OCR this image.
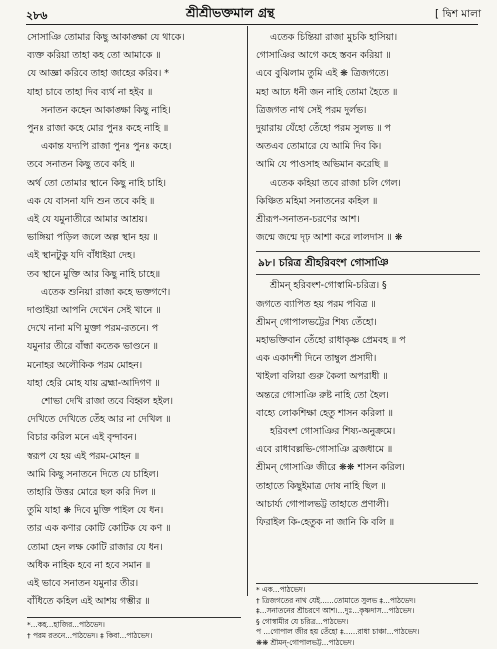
২৮৬	শ্রীশ্রীভক্তমাল গ্রন্থ	[ দ্বিশ মালা
সোসাঞি তোমার কিছু আকাঙ্ক্ষা যে থাকে।
ব্যক্ত করিয়া তাহা কহ তো আমাকে ॥
যে আজ্ঞা করিবে তাহা জাহের করিব। *
যাহা চাবে তাহা দিব ব্যর্থ না হইব ॥
সনাতন কহেন আকাঙ্ক্ষা কিছু নাহি।
পুনঃ রাজা কহে মোর পুনঃ কহে নাহি ॥
একান্ত যদ্যপি রাজা পুনঃ পুনঃ কহে।
তবে সনাতন কিছু তবে কহি ॥
অর্থ তো তোমার স্থানে কিছু নাহি চাহি।
এক যে বাসনা যদি শুন তবে কহি ॥
এই যে যমুনাতীরে আমার আশ্রয়।
ভাঙ্গিয়া পড়িল জলে অল্প স্থান হয় ॥
এই স্থানটুকু যদি বাঁধাইয়া দেহ।
তব স্থানে মুক্তি আর কিছু নাহি চাহে॥
এতেক শুনিয়া রাজা কহে ভক্তগণে।
দাণ্ডাইয়া আপনি দেখেন সেই খানে ॥
দেখে নানা মণি মুক্তা পরম-রতনে। প
যমুনার তীরে বাঁন্ধা কতেক ভাণ্ডনে ॥
মনোহর অলৌকিক পরম মোহন।
যাহা হেরি মোহ যায় ব্রহ্মা-আদিগণ ॥
শোভা দেখি রাজা তবে বিহ্বল হইল।
দেখিতে দেখিতে তেঁহ আর না দেখিল ॥
বিচার করিল মনে এই বৃন্দাবন।
স্বরূপ যে হয় এই পরম-মোহন ॥
আমি কিছু সনাতনে দিতে যে চাহিল।
তাহারি উত্তর মোরে ছল করি দিল ॥
তুমি যাহা ❋ দিবে মুক্তি পাইল যে ধন।
তার এক কণার কোটি কোটিক যে কণ ॥
তোমা হেন লক্ষ কোটি রাজার যে ধন।
অধিক নাহিক হবে না হবে সমান ॥
এই ভাবে সনাতন যমুনার তীর।
বাঁধিতে কহিল এই আশয় গম্ভীর ॥
এতেক চিন্তিয়া রাজা মুচকি হাসিয়া।
গোসাঞির আগে কহে স্তবন করিয়া ॥
এবে বুঝিলাম তুমি এই ❋ ত্রিজগতে।
মহা আঢ্য ধনী জন নাহি তোমা হৈতে ॥
ত্রিজগত নাথ সেই পরম দুর্লভ।
দুয়ারায় যেঁহো তেঁহো পরম সুলভ ॥ প
অতএব তোমারে যে আমি দিব কি।
আমি যে পাওসাহ অভিমান করেছি ॥
এতেক কহিয়া তবে রাজা চলি গেল।
কিঞ্চিত মহিমা সনাতনের কহিল ॥
শ্রীরূপ-সনাতন-চরণের আশ।
জন্মে জন্মে দৃঢ় আশা করে লালদাস ॥ ❋
৯৮। চরিত্র শ্রীহরিবংশ গোসাঞি
শ্রীমন্ হরিবংশ-গোস্বামি-চরিত্র। §
জগতে ব্যাপিত হয় পরম পবিত্র ॥
শ্রীমন্ গোপালভট্টের শিষ্য তেঁহো।
মহাভক্তিবান তেঁহো রাধাকৃষ্ণ প্রেমবহ ॥ প
এক একাদশী দিনে তাম্বুল প্রসাদী।
খাইলা বলিয়া গুরু কৈলা অপরাধী ॥
অন্তরে গোসাঞি রুষ্ট নাহি তো হৈল।
বাহ্যে লোকশিক্ষা হেতু শাসন করিলা ॥
হরিবংশ গোসাঞির শিষ্য-অনুক্রমে।
এবে রাধাবল্লভি-গোসাঞি ব্রজধামে ॥
শ্রীমন্ গোসাঞি জীরে ❋❋ শাসন করিল।
তাহাতে কিছুইমাত্র দোষ নাহি ছিল ॥
আচার্য্য গোপালভট্ট তাহাতে প্রণালী।
ফিরাইল কি-হেতুক না জানি কি বলি ॥
*...কহ...হাজির...পাঠভেদ।
† পরম রতনে...পাঠভেদ। ‡ কিবা...পাঠভেদ।
* এক...পাঠভেদ।
† ত্রিজগতের নাথ যেই......তোমাতে সুলভ ‡...পাঠভেদ।
‡...সনাতনের শ্রীচরণে আশ।...দুঃ...কৃষ্ণদাস...পাঠভেদ।
§ গোস্বামীর যে চরিত্র...পাঠভেদ।
প ...গোপাল জীর হয় তেঁহো ‡......রাধা চাঞ্চা...পাঠভেদ।
❋❋ শ্রীমন্-গোপালভট্ট...পাঠভেদ।
